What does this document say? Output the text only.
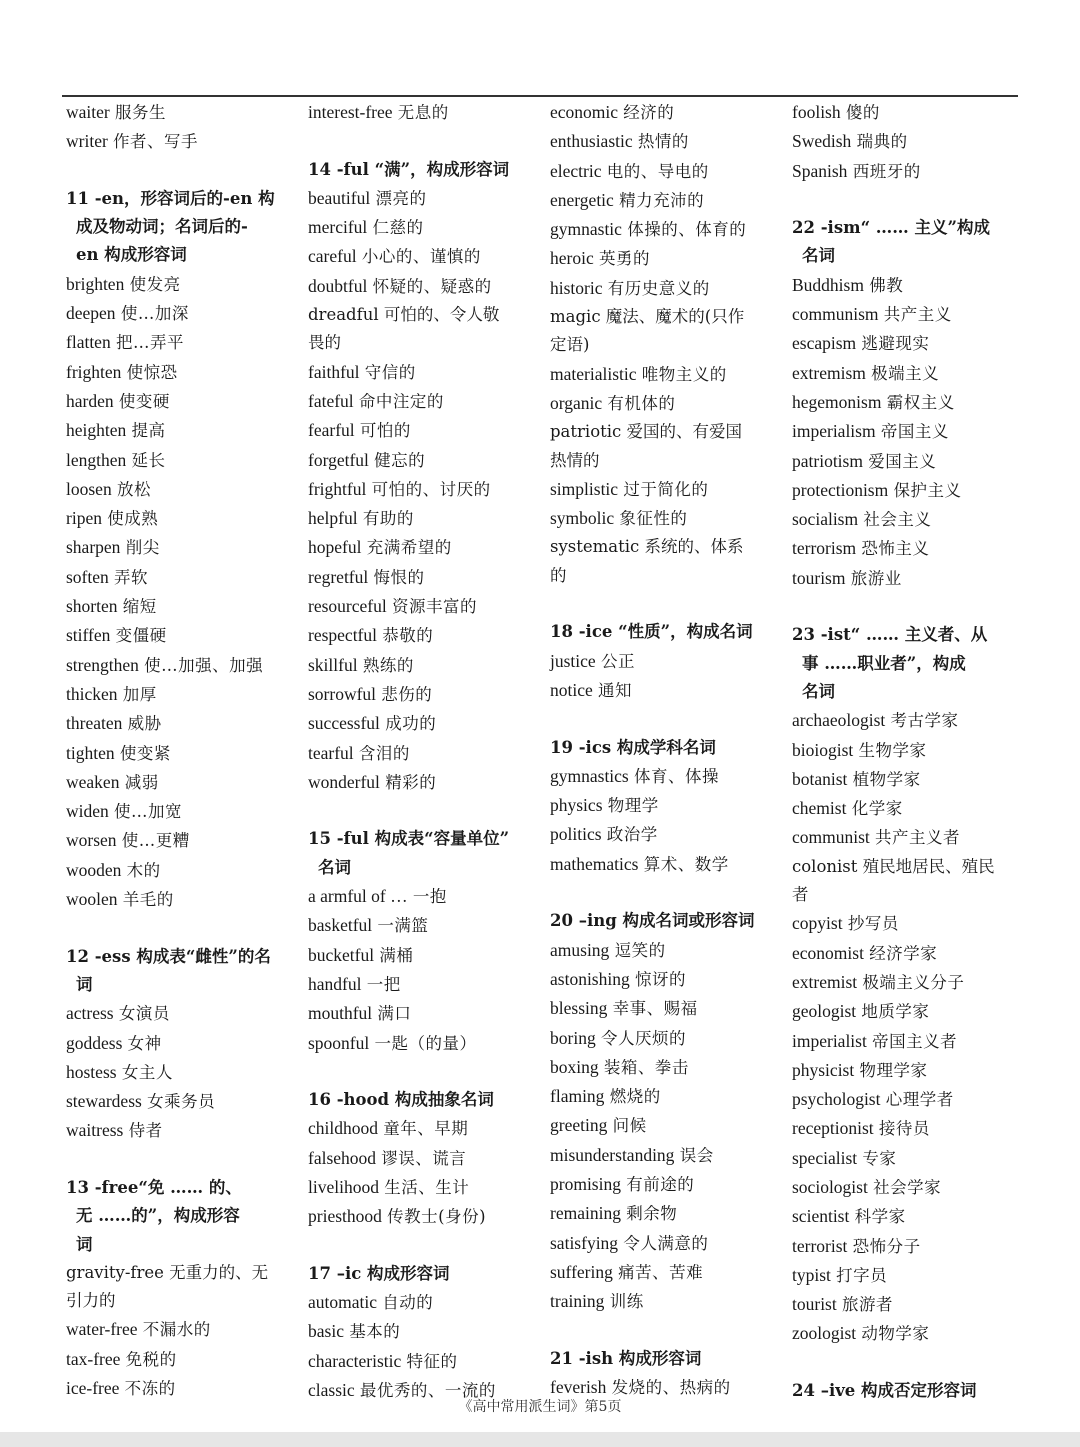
waiter 服务生
writer 作者、写手
11 -en，形容词后的-en 构
成及物动词；名词后的-
en 构成形容词
brighten 使发亮
deepen 使…加深
flatten 把…弄平
frighten 使惊恐
harden 使变硬
heighten 提高
lengthen 延长
loosen 放松
ripen 使成熟
sharpen 削尖
soften 弄软
shorten 缩短
stiffen 变僵硬
strengthen 使…加强、加强
thicken 加厚
threaten 威胁
tighten 使变紧
weaken 减弱
widen 使…加宽
worsen 使…更糟
wooden 木的
woolen 羊毛的
12 -ess 构成表“雌性”的名
词
actress 女演员
goddess 女神
hostess 女主人
stewardess 女乘务员
waitress 侍者
13 -free“免 …… 的、
无 ……的”，构成形容
词
gravity-free 无重力的、无
引力的
water-free 不漏水的
tax-free 免税的
ice-free 不冻的
interest-free 无息的
14 -ful “满”，构成形容词
beautiful 漂亮的
merciful 仁慈的
careful 小心的、谨慎的
doubtful 怀疑的、疑惑的
dreadful 可怕的、令人敬
畏的
faithful 守信的
fateful 命中注定的
fearful 可怕的
forgetful 健忘的
frightful 可怕的、讨厌的
helpful 有助的
hopeful 充满希望的
regretful 悔恨的
resourceful 资源丰富的
respectful 恭敬的
skillful 熟练的
sorrowful 悲伤的
successful 成功的
tearful 含泪的
wonderful 精彩的
15 -ful 构成表“容量单位”
名词
a armful of … 一抱
basketful 一满篮
bucketful 满桶
handful 一把
mouthful 满口
spoonful 一匙（的量）
16 -hood 构成抽象名词
childhood 童年、早期
falsehood 谬误、谎言
livelihood 生活、生计
priesthood 传教士(身份)
17 –ic 构成形容词
automatic 自动的
basic 基本的
characteristic 特征的
classic 最优秀的、一流的
economic 经济的
enthusiastic 热情的
electric 电的、导电的
energetic 精力充沛的
gymnastic 体操的、体育的
heroic 英勇的
historic 有历史意义的
magic 魔法、魔术的(只作
定语)
materialistic 唯物主义的
organic 有机体的
patriotic 爱国的、有爱国
热情的
simplistic 过于简化的
symbolic 象征性的
systematic 系统的、体系
的
18 -ice “性质”，构成名词
justice 公正
notice 通知
19 -ics 构成学科名词
gymnastics 体育、体操
physics 物理学
politics 政治学
mathematics 算术、数学
20 –ing 构成名词或形容词
amusing 逗笑的
astonishing 惊讶的
blessing 幸事、赐福
boring 令人厌烦的
boxing 装箱、拳击
flaming 燃烧的
greeting 问候
misunderstanding 误会
promising 有前途的
remaining 剩余物
satisfying 令人满意的
suffering 痛苦、苦难
training 训练
21 -ish 构成形容词
feverish 发烧的、热病的
foolish 傻的
Swedish 瑞典的
Spanish 西班牙的
22 -ism“ …… 主义”构成
名词
Buddhism 佛教
communism 共产主义
escapism 逃避现实
extremism 极端主义
hegemonism 霸权主义
imperialism 帝国主义
patriotism 爱国主义
protectionism 保护主义
socialism 社会主义
terrorism 恐怖主义
tourism 旅游业
23 -ist“ …… 主义者、从
事 ……职业者”，构成
名词
archaeologist 考古学家
bioiogist 生物学家
botanist 植物学家
chemist 化学家
communist 共产主义者
colonist 殖民地居民、殖民
者
copyist 抄写员
economist 经济学家
extremist 极端主义分子
geologist 地质学家
imperialist 帝国主义者
physicist 物理学家
psychologist 心理学者
receptionist 接待员
specialist 专家
sociologist 社会学家
scientist 科学家
terrorist 恐怖分子
typist 打字员
tourist 旅游者
zoologist 动物学家
24 –ive 构成否定形容词
《高中常用派生词》第5页
